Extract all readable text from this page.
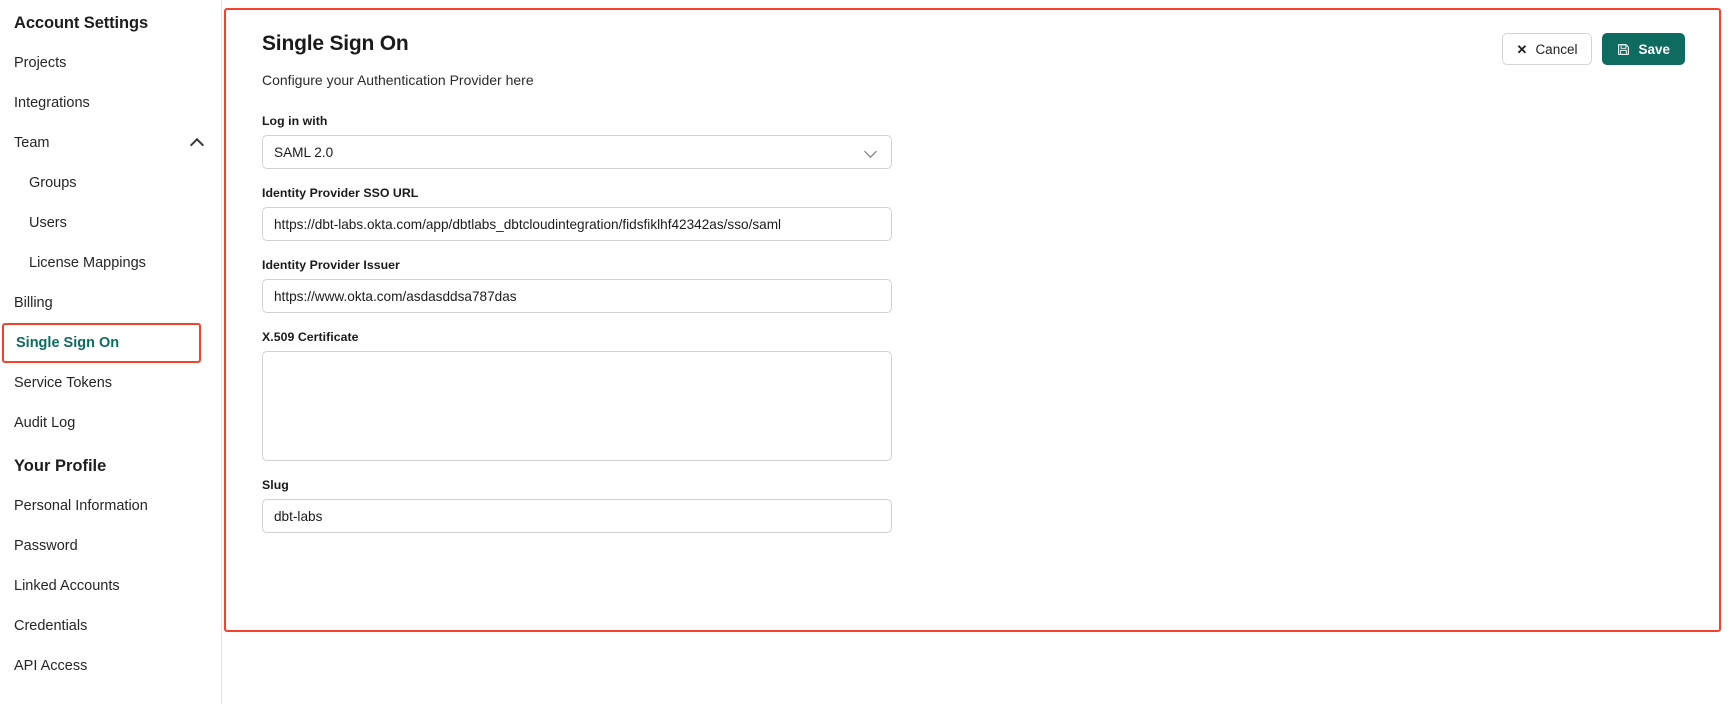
Account Settings
Projects
Integrations
Team
Groups
Users
License Mappings
Billing
Single Sign On
Service Tokens
Audit Log
Your Profile
Personal Information
Password
Linked Accounts
Credentials
API Access
Single Sign On
Configure your Authentication Provider here
✕ Cancel	Save
Log in with
SAML 2.0
Identity Provider SSO URL
https://dbt-labs.okta.com/app/dbtlabs_dbtcloudintegration/fidsfiklhf42342as/sso/saml
Identity Provider Issuer
https://www.okta.com/asdasddsa787das
X.509 Certificate
Slug
dbt-labs
